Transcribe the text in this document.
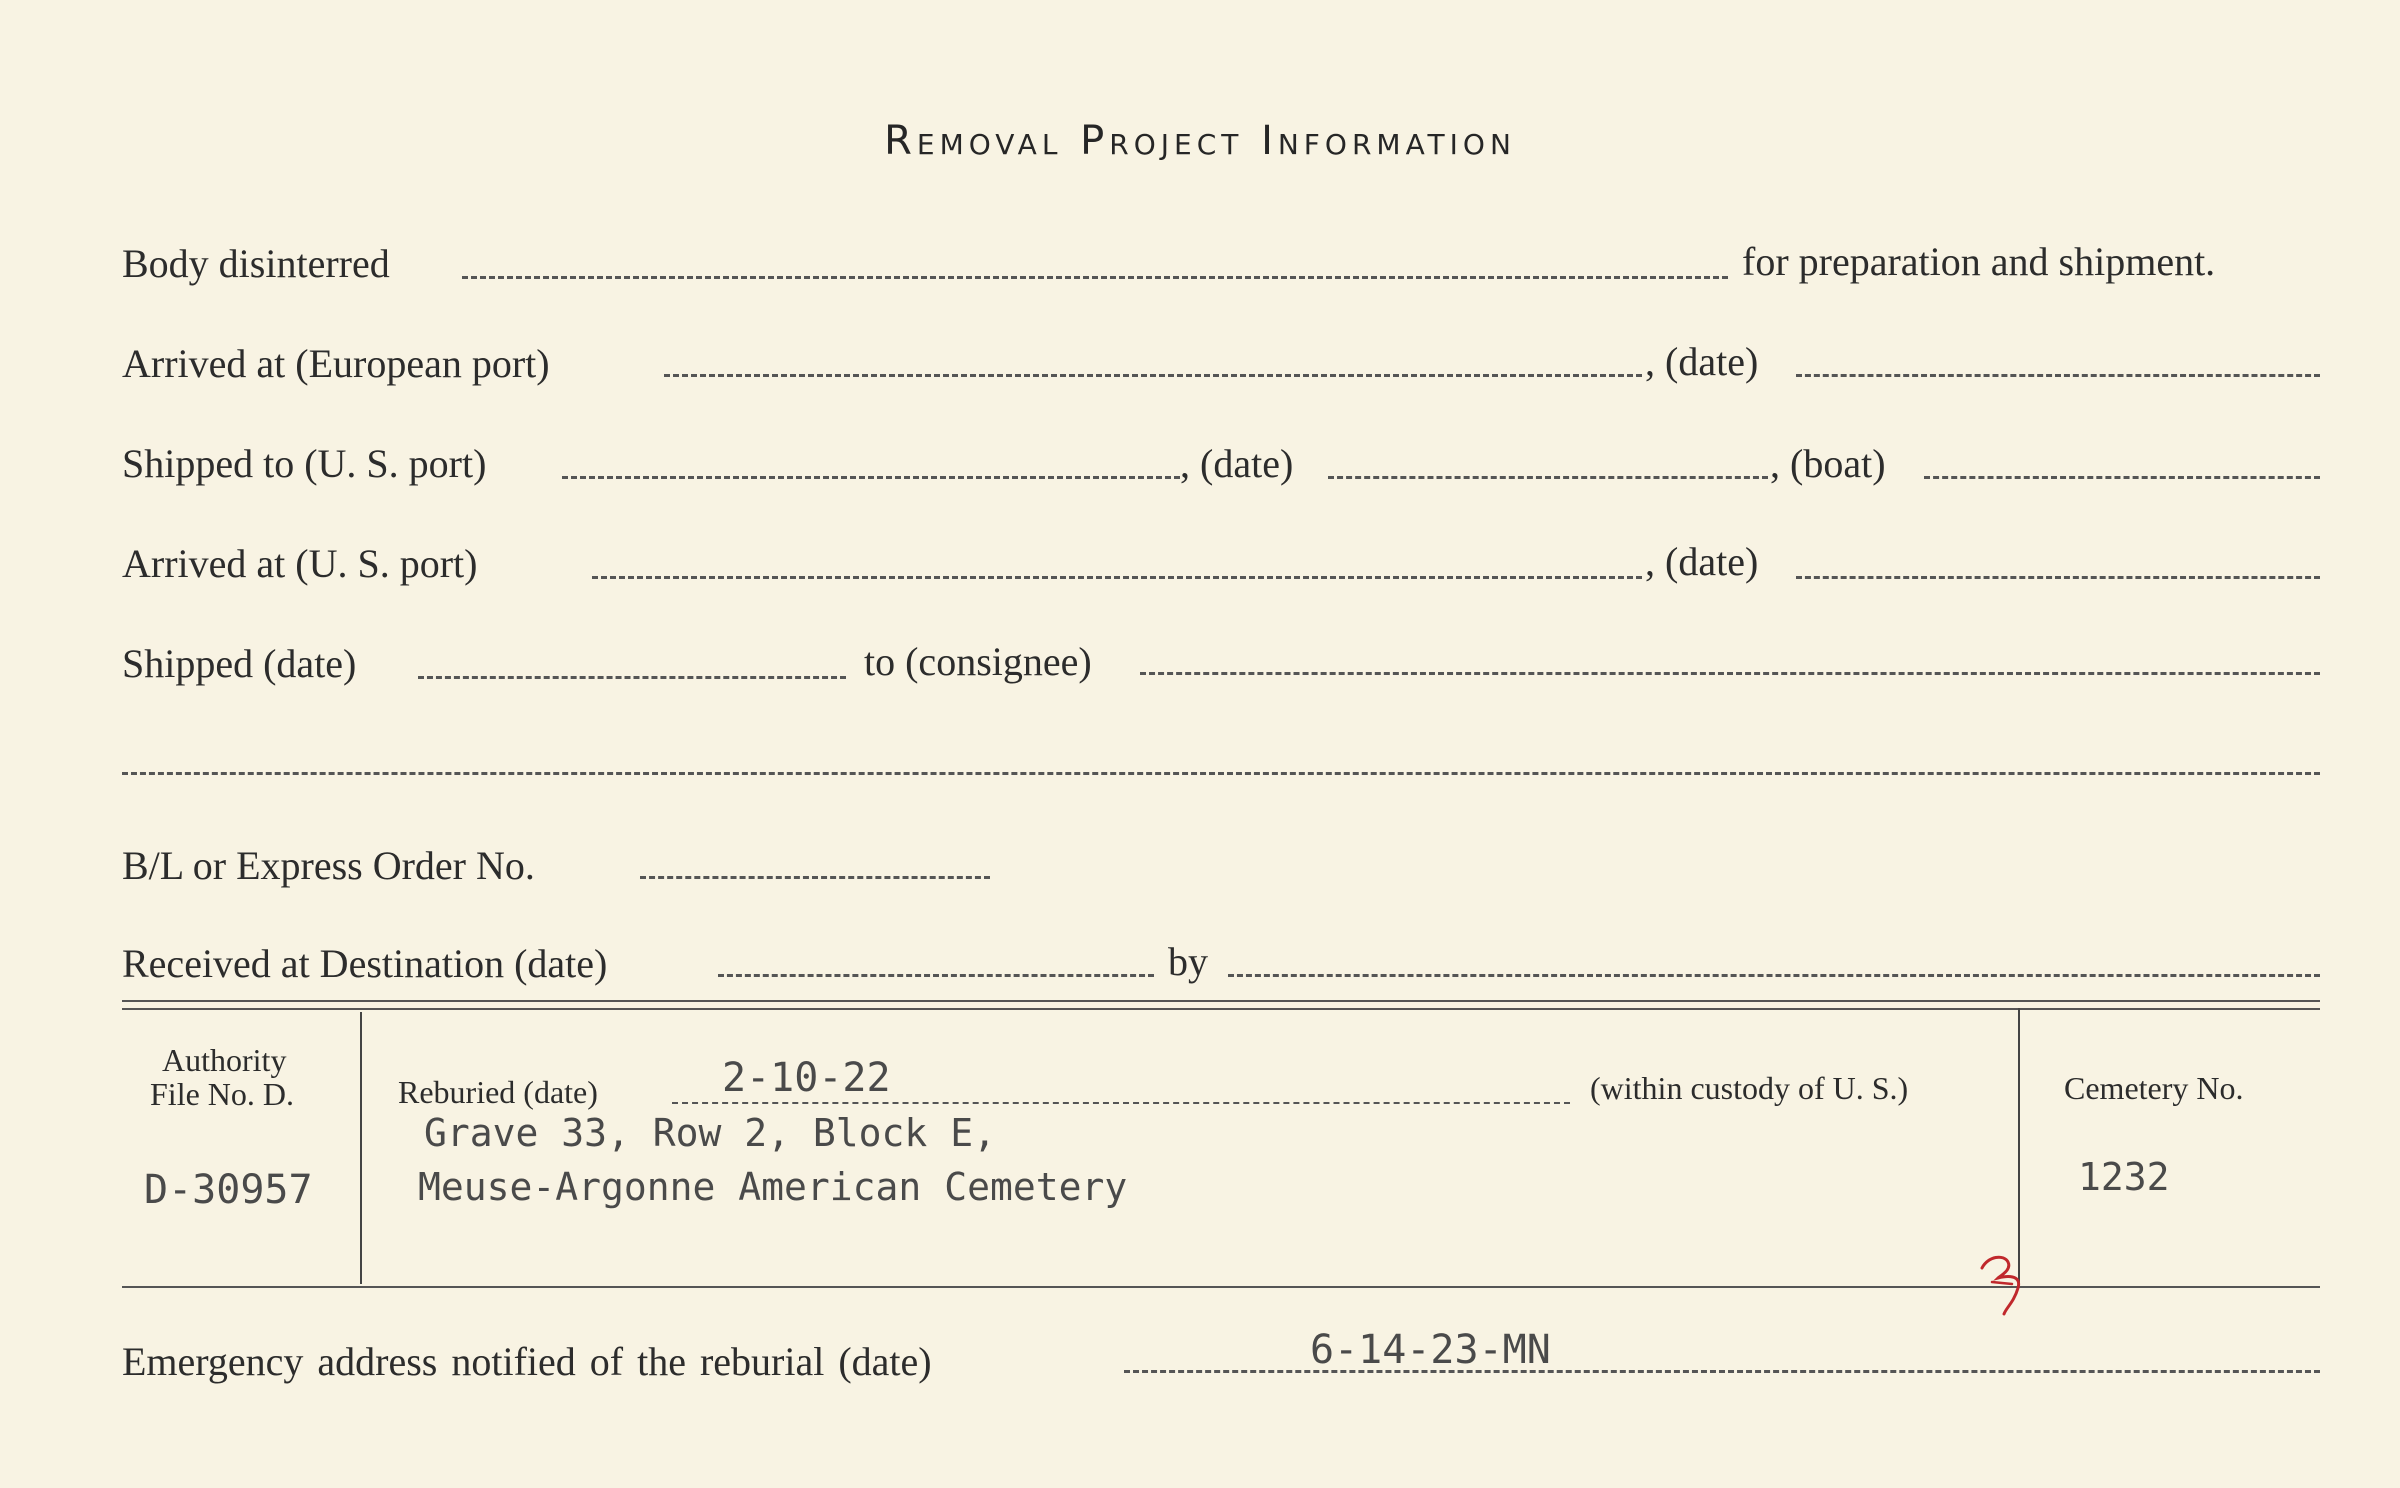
Removal Project Information
Body disinterred	for preparation and shipment.
Arrived at (European port)	, (date)
Shipped to (U. S. port)	, (date)	, (boat)
Arrived at (U. S. port)	, (date)
Shipped (date)	to (consignee)
B/L or Express Order No.
Received at Destination (date)	by
Authority
File No. D.
D-30957
Reburied (date)	2-10-22	(within custody of U. S.)
Grave 33, Row 2, Block E,
Meuse-Argonne American Cemetery
Cemetery No.
1232
Emergency address notified of the reburial (date)	6-14-23-MN
